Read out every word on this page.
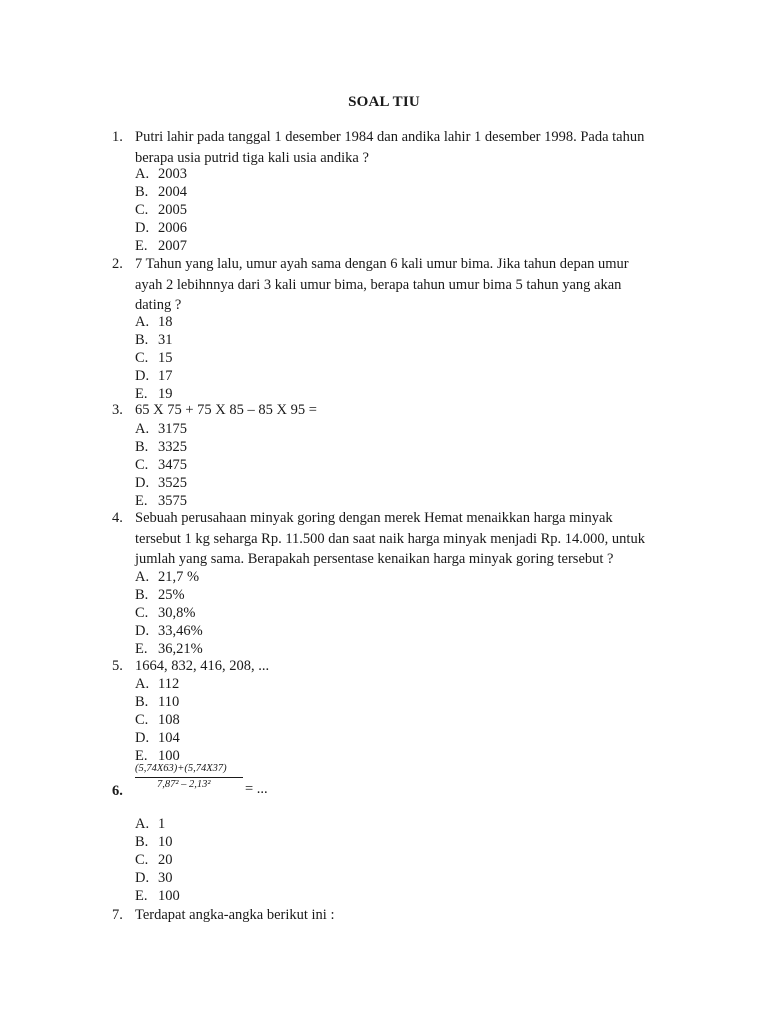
SOAL TIU
1. Putri lahir pada tanggal 1 desember 1984 dan andika lahir 1 desember 1998. Pada tahun
berapa usia putrid tiga kali usia andika ?
A. 2003
B. 2004
C. 2005
D. 2006
E. 2007
2. 7 Tahun yang lalu, umur ayah sama dengan 6 kali umur bima. Jika tahun depan umur
ayah 2 lebihnnya dari 3 kali umur bima, berapa tahun umur bima 5 tahun yang akan
dating ?
A. 18
B. 31
C. 15
D. 17
E. 19
3. 65 X 75 + 75 X 85 – 85 X 95 =
A. 3175
B. 3325
C. 3475
D. 3525
E. 3575
4. Sebuah perusahaan minyak goring dengan merek Hemat menaikkan harga minyak
tersebut 1 kg seharga Rp. 11.500 dan saat naik harga minyak menjadi Rp. 14.000, untuk
jumlah yang sama. Berapakah persentase kenaikan harga minyak goring tersebut ?
A. 21,7 %
B. 25%
C. 30,8%
D. 33,46%
E. 36,21%
5. 1664, 832, 416, 208, ...
A. 112
B. 110
C. 108
D. 104
E. 100
6.
(5,74X63)+(5,74X37)
7,87² – 2,13² = ...
A. 1
B. 10
C. 20
D. 30
E. 100
7. Terdapat angka-angka berikut ini :
